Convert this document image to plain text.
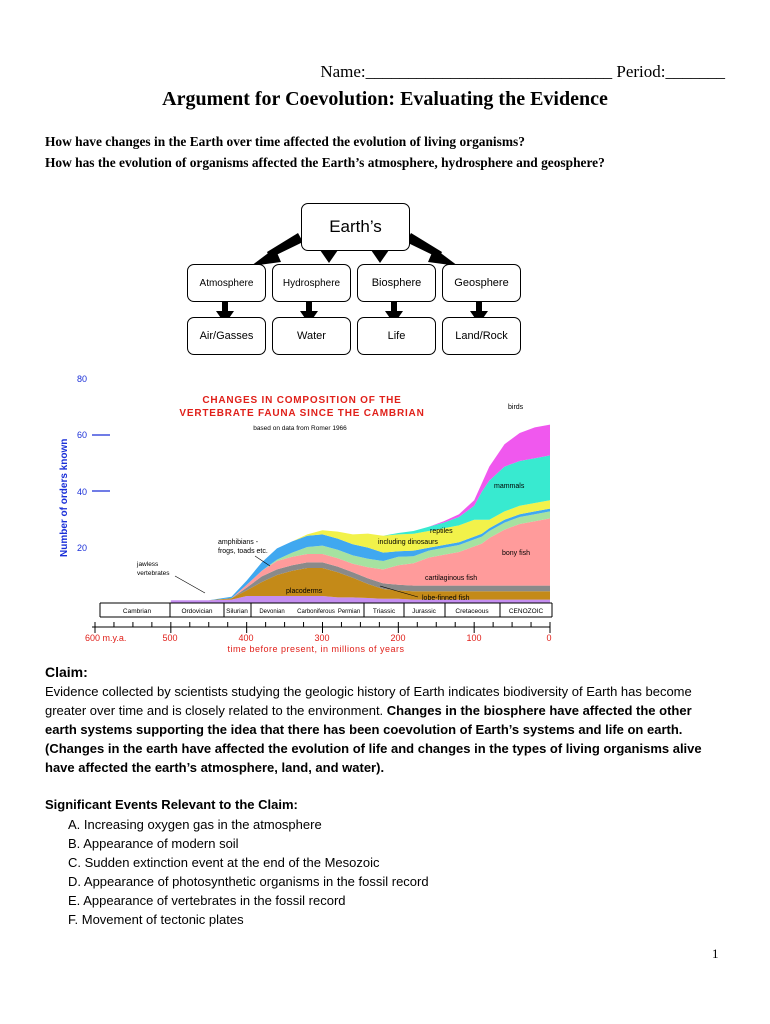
Name:_____________________________ Period:_______
Argument for Coevolution: Evaluating the Evidence
How have changes in the Earth over time affected the evolution of living organisms?
How has the evolution of organisms affected the Earth’s atmosphere, hydrosphere and geosphere?
Earth’s
Atmosphere	Hydrosphere	Biosphere	Geosphere
Air/Gasses	Water	Life	Land/Rock
CHANGES IN COMPOSITION OF THE
VERTEBRATE FAUNA SINCE THE CAMBRIAN
based on data from Romer 1966
Number of orders known
80
60
40
20
birds
mammals
reptiles
including dinosaurs
bony fish
amphibians -
frogs, toads etc.
jawless
vertebrates
lobe-finned fish
placoderms
cartilaginous fish
Cambrian	Ordovician Silurian Devonian Carboniferous Permian Triassic	Jurassic	Cretaceous	CENOZOIC
600 m.y.a.	500	400	300	200	100	0
time before present, in millions of years
Claim:
Evidence collected by scientists studying the geologic history of Earth indicates biodiversity of Earth has become greater over time and is closely related to the environment. Changes in the biosphere have affected the other earth systems supporting the idea that there has been coevolution of Earth’s systems and life on earth. (Changes in the earth have affected the evolution of life and changes in the types of living organisms alive have affected the earth’s atmosphere, land, and water).
Significant Events Relevant to the Claim:
A. Increasing oxygen gas in the atmosphere
B. Appearance of modern soil
C. Sudden extinction event at the end of the Mesozoic
D. Appearance of photosynthetic organisms in the fossil record
E. Appearance of vertebrates in the fossil record
F. Movement of tectonic plates
1
